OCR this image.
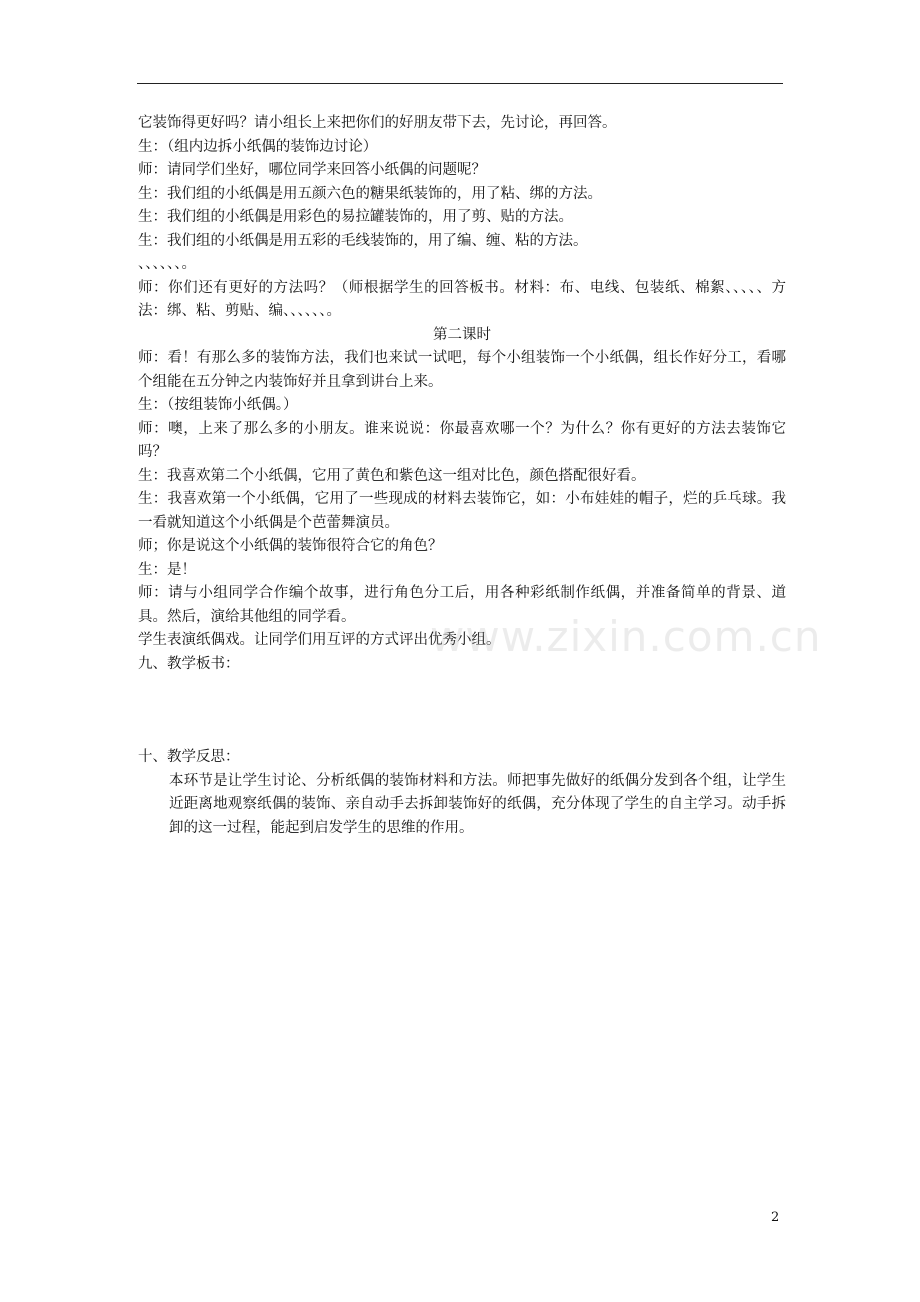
它装饰得更好吗？请小组长上来把你们的好朋友带下去，先讨论，再回答。

生：（组内边拆小纸偶的装饰边讨论）

师：请同学们坐好，哪位同学来回答小纸偶的问题呢？

生：我们组的小纸偶是用五颜六色的糖果纸装饰的，用了粘、绑的方法。

生：我们组的小纸偶是用彩色的易拉罐装饰的，用了剪、贴的方法。

生：我们组的小纸偶是用五彩的毛线装饰的，用了编、缠、粘的方法。

、、、、、、。

师：你们还有更好的方法吗？（师根据学生的回答板书。材料：布、电线、包装纸、棉絮、、、、、方法：绑、粘、剪贴、编、、、、、、。

第二课时

师：看！有那么多的装饰方法，我们也来试一试吧，每个小组装饰一个小纸偶，组长作好分工，看哪个组能在五分钟之内装饰好并且拿到讲台上来。

生：（按组装饰小纸偶。）

师：噢，上来了那么多的小朋友。谁来说说：你最喜欢哪一个？为什么？你有更好的方法去装饰它吗？

生：我喜欢第二个小纸偶，它用了黄色和紫色这一组对比色，颜色搭配很好看。

生：我喜欢第一个小纸偶，它用了一些现成的材料去装饰它，如：小布娃娃的帽子，烂的乒乓球。我一看就知道这个小纸偶是个芭蕾舞演员。

师；你是说这个小纸偶的装饰很符合它的角色？

生：是！

师：请与小组同学合作编个故事，进行角色分工后，用各种彩纸制作纸偶，并准备简单的背景、道具。然后，演给其他组的同学看。

学生表演纸偶戏。让同学们用互评的方式评出优秀小组。

九、教学板书：

十、教学反思：

本环节是让学生讨论、分析纸偶的装饰材料和方法。师把事先做好的纸偶分发到各个组，让学生近距离地观察纸偶的装饰、亲自动手去拆卸装饰好的纸偶，充分体现了学生的自主学习。动手拆卸的这一过程，能起到启发学生的思维的作用。

www.zixin.com.cn
2
